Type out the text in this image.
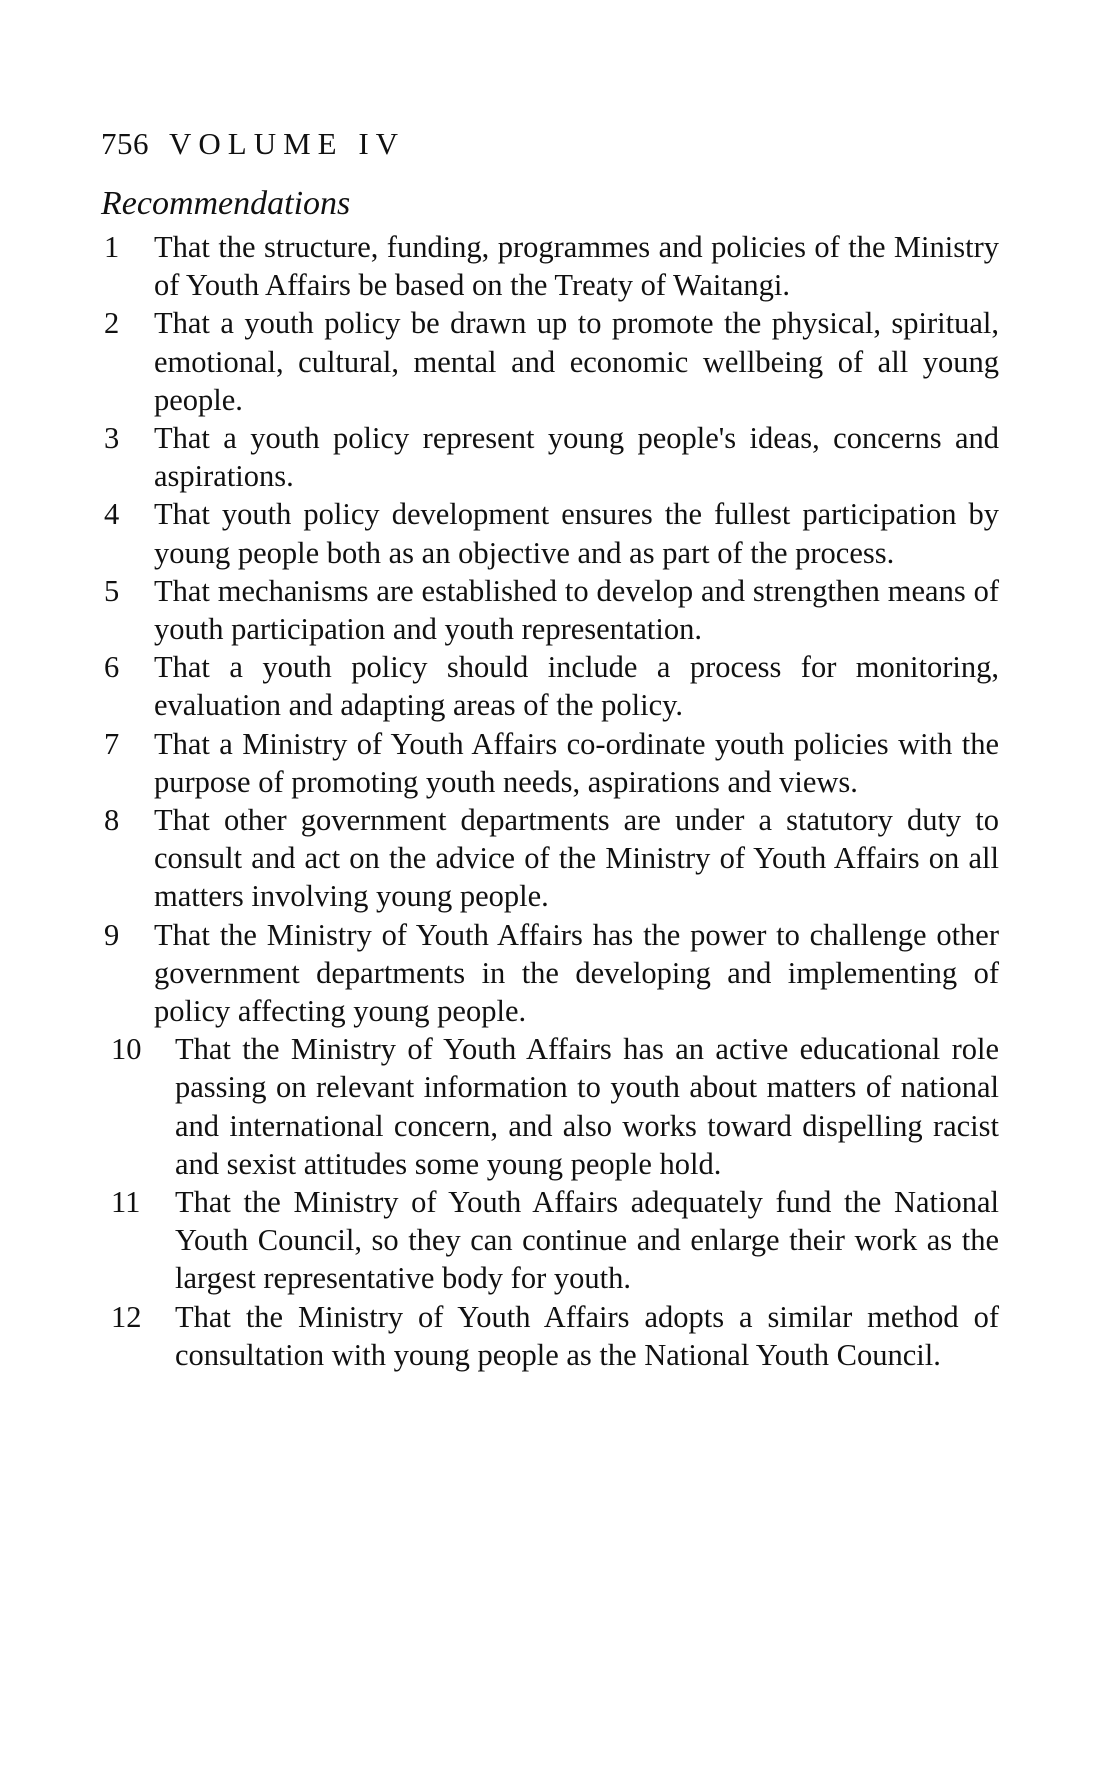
756 VOLUME IV
Recommendations
1	That the structure, funding, programmes and policies of the Ministry of Youth Affairs be based on the Treaty of Waitangi.
2	That a youth policy be drawn up to promote the physical, spiritual, emotional, cultural, mental and economic wellbeing of all young people.
3	That a youth policy represent young people's ideas, concerns and aspirations.
4	That youth policy development ensures the fullest participation by young people both as an objective and as part of the process.
5	That mechanisms are established to develop and strengthen means of youth participation and youth representation.
6	That a youth policy should include a process for monitoring, evaluation and adapting areas of the policy.
7	That a Ministry of Youth Affairs co-ordinate youth policies with the purpose of promoting youth needs, aspirations and views.
8	That other government departments are under a statutory duty to consult and act on the advice of the Ministry of Youth Affairs on all matters involving young people.
9	That the Ministry of Youth Affairs has the power to challenge other government departments in the developing and implementing of policy affecting young people.
10	That the Ministry of Youth Affairs has an active educational role passing on relevant information to youth about matters of national and international concern, and also works toward dispelling racist and sexist attitudes some young people hold.
11	That the Ministry of Youth Affairs adequately fund the National Youth Council, so they can continue and enlarge their work as the largest representative body for youth.
12	That the Ministry of Youth Affairs adopts a similar method of consultation with young people as the National Youth Council.
